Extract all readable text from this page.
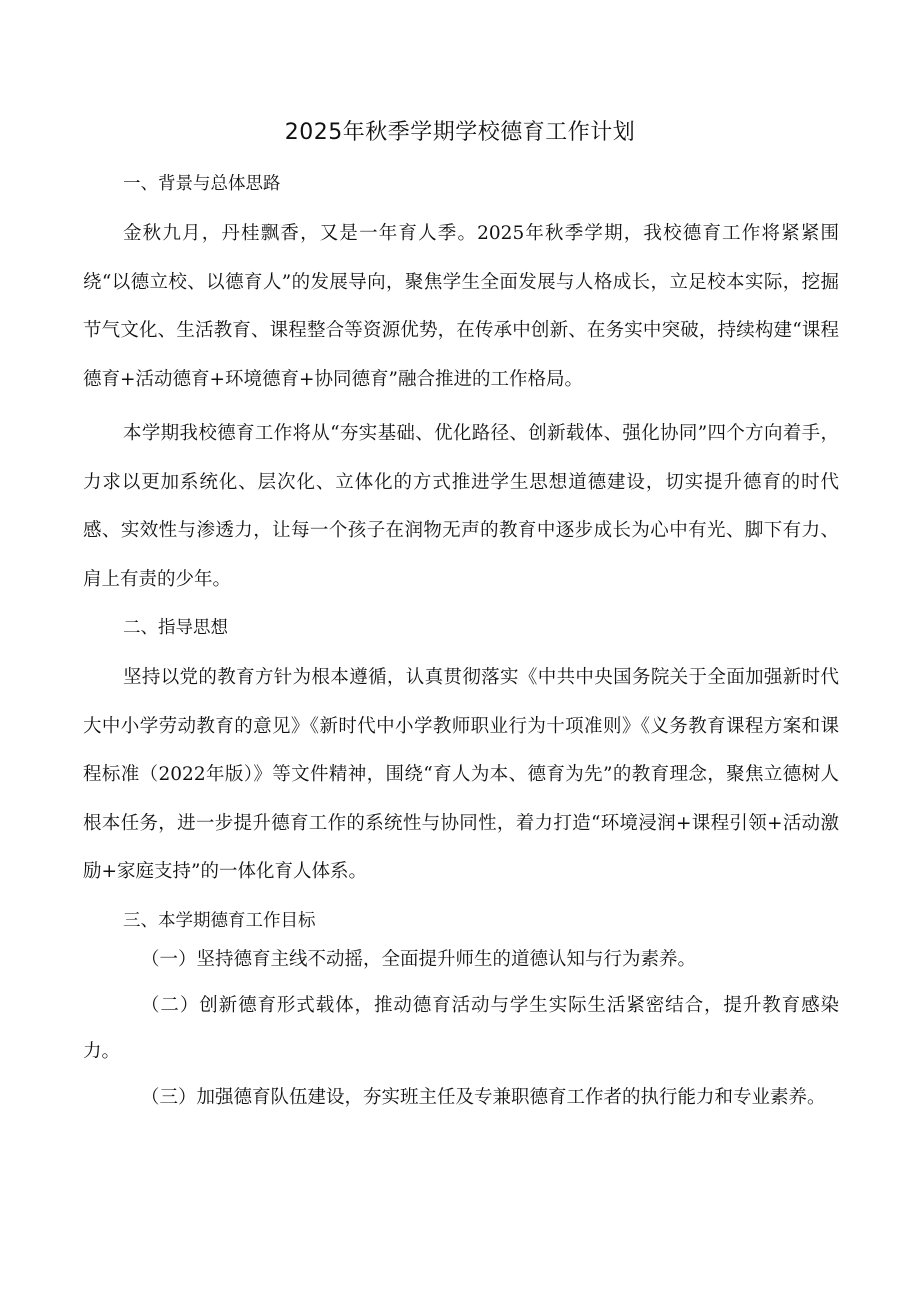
2025年秋季学期学校德育工作计划
一、背景与总体思路

金秋九月，丹桂飘香，又是一年育人季。2025年秋季学期，我校德育工作将紧紧围绕“以德立校、以德育人”的发展导向，聚焦学生全面发展与人格成长，立足校本实际，挖掘节气文化、生活教育、课程整合等资源优势，在传承中创新、在务实中突破，持续构建“课程德育+活动德育+环境德育+协同德育”融合推进的工作格局。

本学期我校德育工作将从“夯实基础、优化路径、创新载体、强化协同”四个方向着手，力求以更加系统化、层次化、立体化的方式推进学生思想道德建设，切实提升德育的时代感、实效性与渗透力，让每一个孩子在润物无声的教育中逐步成长为心中有光、脚下有力、肩上有责的少年。

二、指导思想

坚持以党的教育方针为根本遵循，认真贯彻落实《中共中央国务院关于全面加强新时代大中小学劳动教育的意见》《新时代中小学教师职业行为十项准则》《义务教育课程方案和课程标准（2022年版）》等文件精神，围绕“育人为本、德育为先”的教育理念，聚焦立德树人根本任务，进一步提升德育工作的系统性与协同性，着力打造“环境浸润+课程引领+活动激励+家庭支持”的一体化育人体系。

三、本学期德育工作目标

（一）坚持德育主线不动摇，全面提升师生的道德认知与行为素养。

（二）创新德育形式载体，推动德育活动与学生实际生活紧密结合，提升教育感染力。

（三）加强德育队伍建设，夯实班主任及专兼职德育工作者的执行能力和专业素养。
